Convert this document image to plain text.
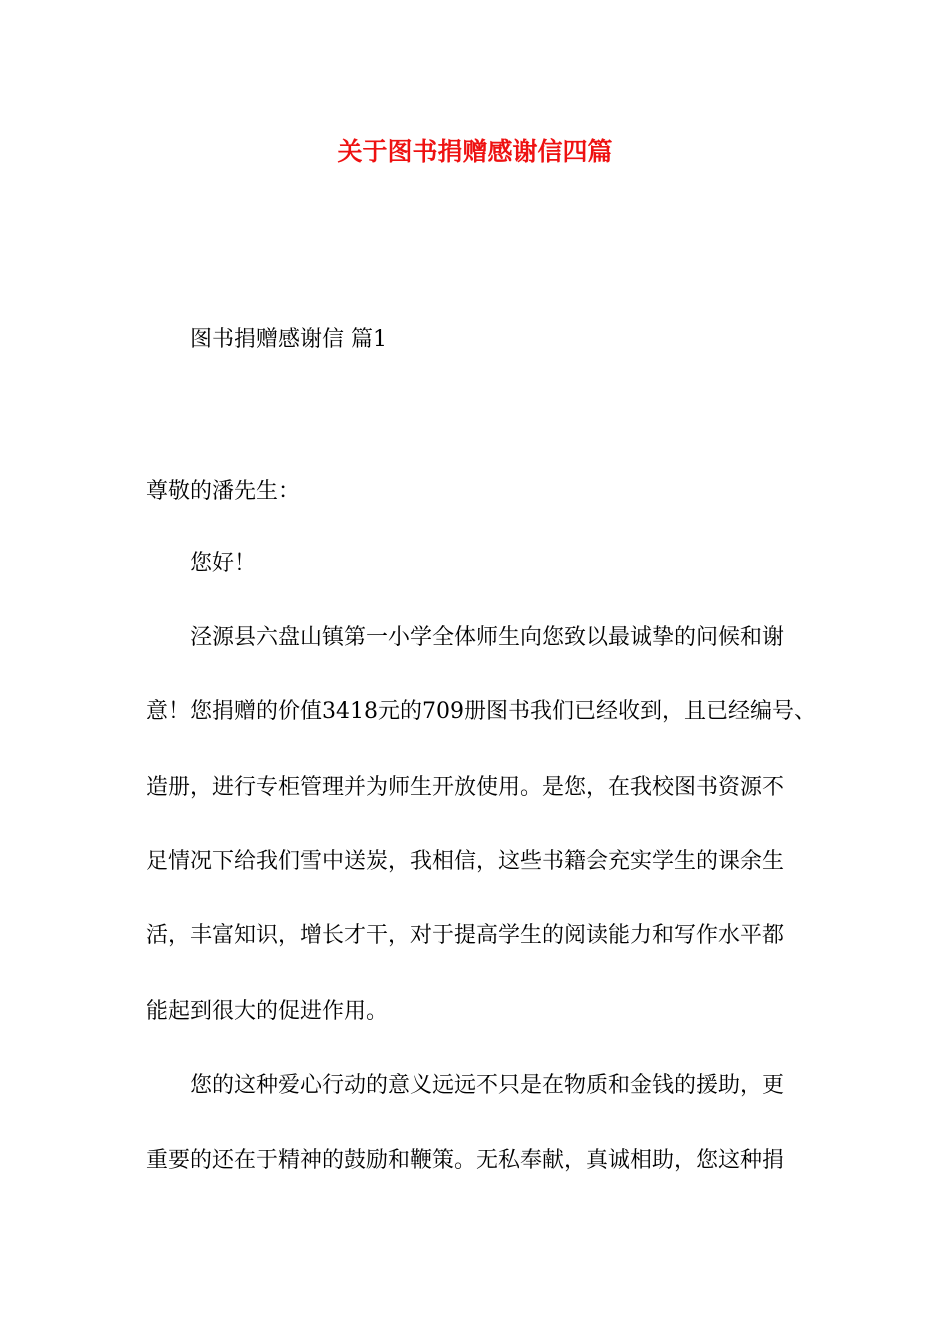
关于图书捐赠感谢信四篇
图书捐赠感谢信 篇1
尊敬的潘先生：
您好！
泾源县六盘山镇第一小学全体师生向您致以最诚挚的问候和谢
意！您捐赠的价值3418元的709册图书我们已经收到，且已经编号、
造册，进行专柜管理并为师生开放使用。是您，在我校图书资源不
足情况下给我们雪中送炭，我相信，这些书籍会充实学生的课余生
活，丰富知识，增长才干，对于提高学生的阅读能力和写作水平都
能起到很大的促进作用。
您的这种爱心行动的意义远远不只是在物质和金钱的援助，更
重要的还在于精神的鼓励和鞭策。无私奉献，真诚相助，您这种捐
